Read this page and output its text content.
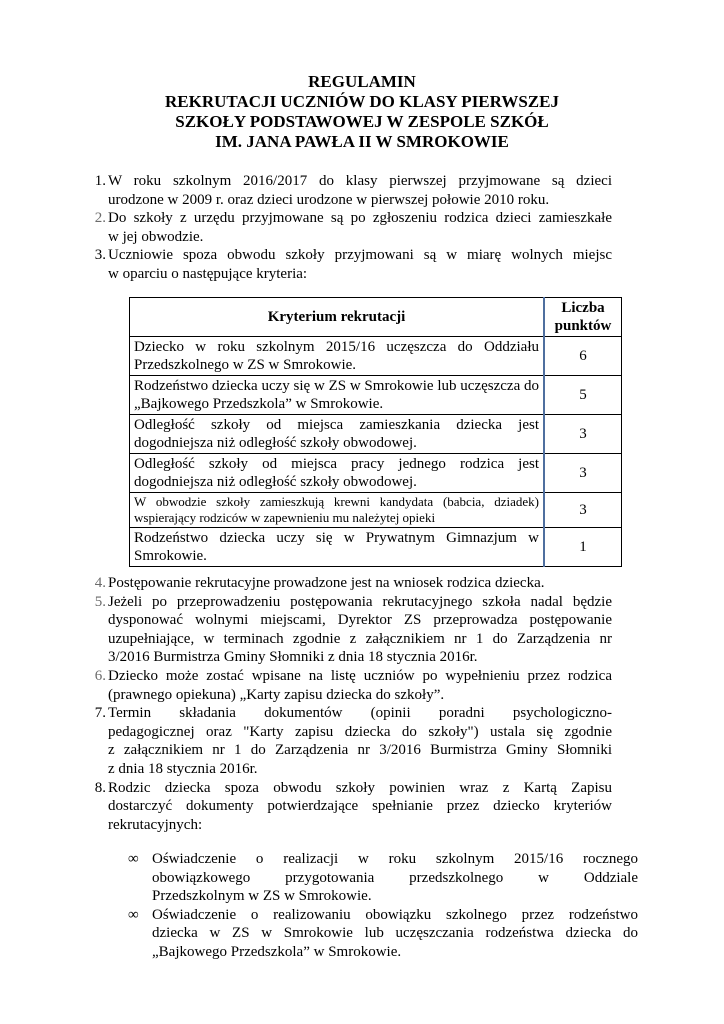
REGULAMIN
REKRUTACJI UCZNIÓW DO KLASY PIERWSZEJ
SZKOŁY PODSTAWOWEJ W ZESPOLE SZKÓŁ
IM. JANA PAWŁA II W SMROKOWIE
1. W roku szkolnym 2016/2017 do klasy pierwszej przyjmowane są dzieci
urodzone w 2009 r. oraz dzieci urodzone w pierwszej połowie 2010 roku.
2. Do szkoły z urzędu przyjmowane są po zgłoszeniu rodzica dzieci zamieszkałe
w jej obwodzie.
3. Uczniowie spoza obwodu szkoły przyjmowani są w miarę wolnych miejsc
w oparciu o następujące kryteria:
Kryterium rekrutacji	Liczba punktów
Dziecko w roku szkolnym 2015/16 uczęszcza do Oddziału Przedszkolnego w ZS w Smrokowie.	6
Rodzeństwo dziecka uczy się w ZS w Smrokowie lub uczęszcza do „Bajkowego Przedszkola” w Smrokowie.	5
Odległość szkoły od miejsca zamieszkania dziecka jest dogodniejsza niż odległość szkoły obwodowej.	3
Odległość szkoły od miejsca pracy jednego rodzica jest dogodniejsza niż odległość szkoły obwodowej.	3
W obwodzie szkoły zamieszkują krewni kandydata (babcia, dziadek) wspierający rodziców w zapewnieniu mu należytej opieki	3
Rodzeństwo dziecka uczy się w Prywatnym Gimnazjum w Smrokowie.	1
4. Postępowanie rekrutacyjne prowadzone jest na wniosek rodzica dziecka.
5. Jeżeli po przeprowadzeniu postępowania rekrutacyjnego szkoła nadal będzie
dysponować wolnymi miejscami, Dyrektor ZS przeprowadza postępowanie
uzupełniające, w terminach zgodnie z załącznikiem nr 1 do Zarządzenia nr
3/2016 Burmistrza Gminy Słomniki z dnia 18 stycznia 2016r.
6. Dziecko może zostać wpisane na listę uczniów po wypełnieniu przez rodzica
(prawnego opiekuna) „Karty zapisu dziecka do szkoły”.
7. Termin składania dokumentów (opinii poradni psychologiczno-
pedagogicznej oraz "Karty zapisu dziecka do szkoły") ustala się zgodnie
z załącznikiem nr 1 do Zarządzenia nr 3/2016 Burmistrza Gminy Słomniki
z dnia 18 stycznia 2016r.
8. Rodzic dziecka spoza obwodu szkoły powinien wraz z Kartą Zapisu
dostarczyć dokumenty potwierdzające spełnianie przez dziecko kryteriów
rekrutacyjnych:
∞ Oświadczenie o realizacji w roku szkolnym 2015/16 rocznego
obowiązkowego przygotowania przedszkolnego w Oddziale
Przedszkolnym w ZS w Smrokowie.
∞ Oświadczenie o realizowaniu obowiązku szkolnego przez rodzeństwo
dziecka w ZS w Smrokowie lub uczęszczania rodzeństwa dziecka do
„Bajkowego Przedszkola” w Smrokowie.
